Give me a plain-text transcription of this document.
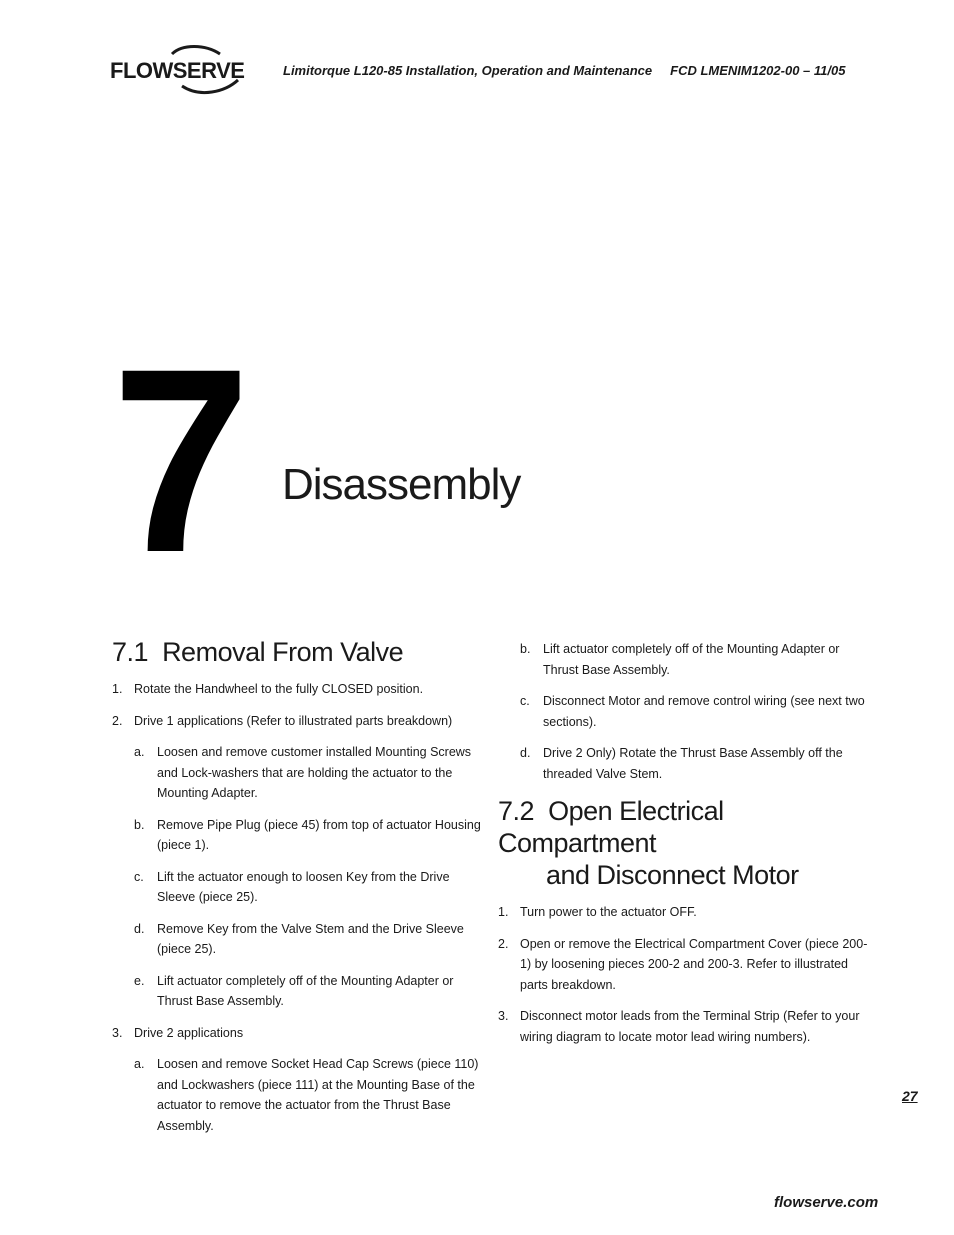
FLOWSERVE	Limitorque L120-85 Installation, Operation and Maintenance FCD LMENIM1202-00 – 11/05
7 Disassembly
7.1 Removal From Valve
1. Rotate the Handwheel to the fully CLOSED position.
2. Drive 1 applications (Refer to illustrated parts breakdown)
a. Loosen and remove customer installed Mounting Screws and Lock-washers that are holding the actuator to the Mounting Adapter.
b. Remove Pipe Plug (piece 45) from top of actuator Housing (piece 1).
c. Lift the actuator enough to loosen Key from the Drive Sleeve (piece 25).
d. Remove Key from the Valve Stem and the Drive Sleeve (piece 25).
e. Lift actuator completely off of the Mounting Adapter or Thrust Base Assembly.
3. Drive 2 applications
a. Loosen and remove Socket Head Cap Screws (piece 110) and Lockwashers (piece 111) at the Mounting Base of the actuator to remove the actuator from the Thrust Base Assembly.
b. Lift actuator completely off of the Mounting Adapter or Thrust Base Assembly.
c. Disconnect Motor and remove control wiring (see next two sections).
d. Drive 2 Only) Rotate the Thrust Base Assembly off the threaded Valve Stem.
7.2 Open Electrical Compartment
and Disconnect Motor
1. Turn power to the actuator OFF.
2. Open or remove the Electrical Compartment Cover (piece 200-1) by loosening pieces 200-2 and 200-3. Refer to illustrated parts breakdown.
3. Disconnect motor leads from the Terminal Strip (Refer to your wiring diagram to locate motor lead wiring numbers).
27
flowserve.com
